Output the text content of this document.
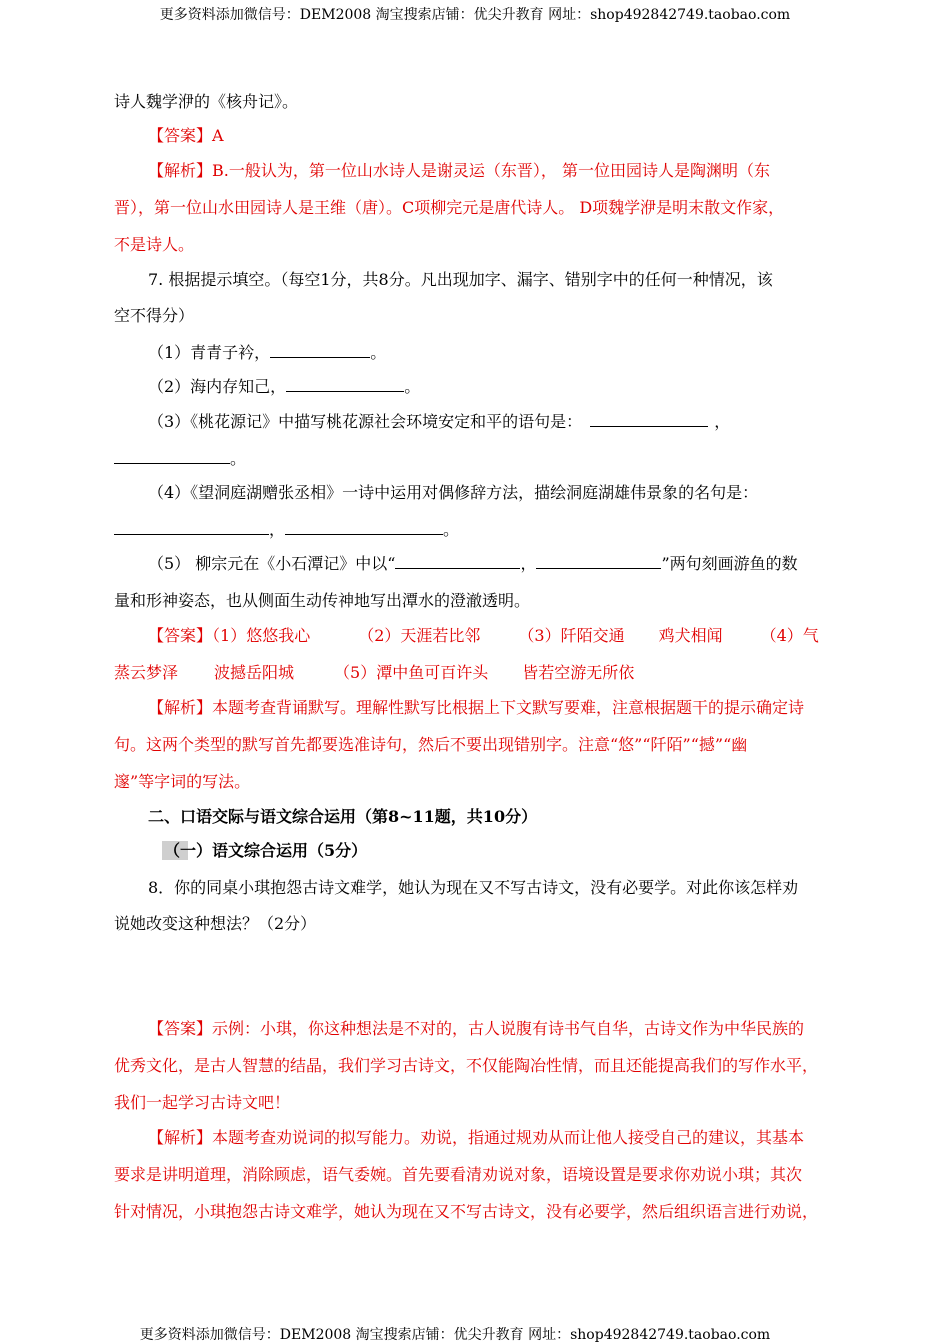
更多资料添加微信号：DEM2008 淘宝搜索店铺：优尖升教育 网址：shop492842749.taobao.com
诗人魏学洢的《核舟记》。
【答案】A
【解析】B.一般认为，第一位山水诗人是谢灵运（东晋）， 第一位田园诗人是陶渊明（东
晋），第一位山水田园诗人是王维（唐）。C项柳完元是唐代诗人。 D项魏学洢是明末散文作家，
不是诗人。
7. 根据提示填空。（每空1分，共8分。凡出现加字、漏字、错别字中的任何一种情况，该
空不得分）
（1）青青子衿，	。
（2）海内存知己，	。
（3）《桃花源记》中描写桃花源社会环境安定和平的语句是：	，
。
（4）《望洞庭湖赠张丞相》一诗中运用对偶修辞方法，描绘洞庭湖雄伟景象的名句是：
，	。
（5） 柳宗元在《小石潭记》中以“	，	”两句刻画游鱼的数
量和形神姿态，也从侧面生动传神地写出潭水的澄澈透明。
【答案】（1）悠悠我心	（2）天涯若比邻 （3）阡陌交通 鸡犬相闻 （4）气
蒸云梦泽 波撼岳阳城	（5）潭中鱼可百许头 皆若空游无所依
【解析】本题考查背诵默写。理解性默写比根据上下文默写要难，注意根据题干的提示确定诗
句。这两个类型的默写首先都要选准诗句，然后不要出现错别字。注意“悠”“阡陌”“撼”“幽
邃”等字词的写法。
二、口语交际与语文综合运用（第8~11题，共10分）
（一）语文综合运用（5分）
8．你的同桌小琪抱怨古诗文难学，她认为现在又不写古诗文，没有必要学。对此你该怎样劝
说她改变这种想法？（2分）
【答案】示例：小琪，你这种想法是不对的，古人说腹有诗书气自华，古诗文作为中华民族的
优秀文化，是古人智慧的结晶，我们学习古诗文，不仅能陶冶性情，而且还能提高我们的写作水平，
我们一起学习古诗文吧！
【解析】本题考查劝说词的拟写能力。劝说，指通过规劝从而让他人接受自己的建议，其基本
要求是讲明道理，消除顾虑，语气委婉。首先要看清劝说对象，语境设置是要求你劝说小琪；其次
针对情况，小琪抱怨古诗文难学，她认为现在又不写古诗文，没有必要学，然后组织语言进行劝说，
更多资料添加微信号：DEM2008 淘宝搜索店铺：优尖升教育 网址：shop492842749.taobao.com
